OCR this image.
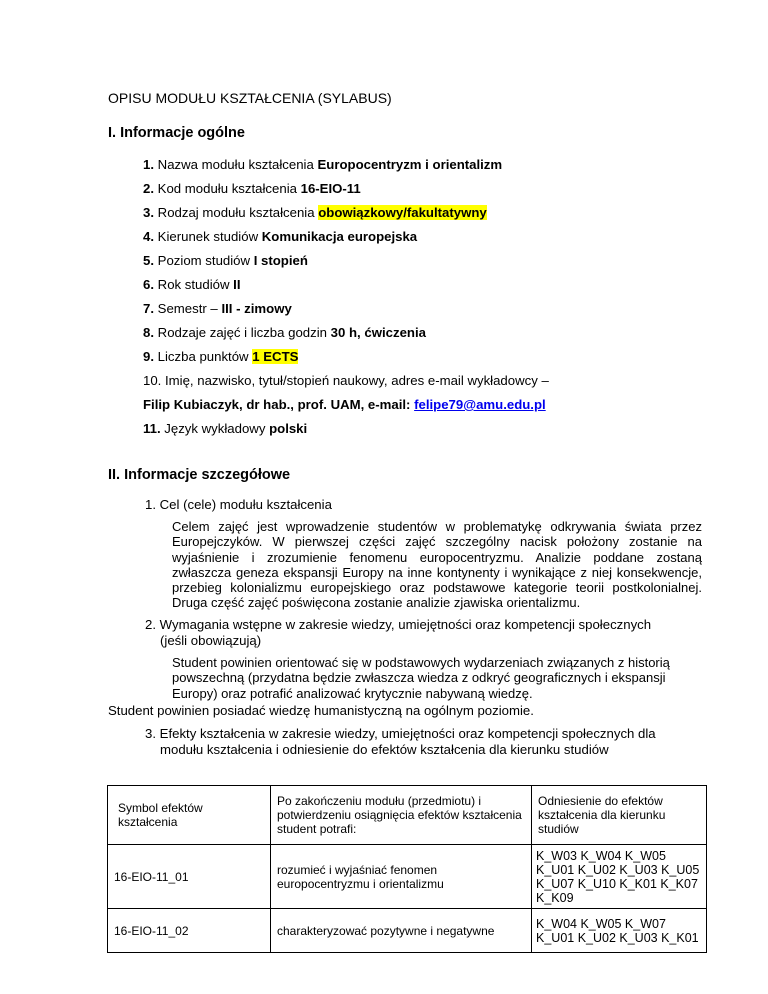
OPISU MODUŁU KSZTAŁCENIA (SYLABUS)
I. Informacje ogólne
1. Nazwa modułu kształcenia Europocentryzm i orientalizm
2. Kod modułu kształcenia 16-EIO-11
3. Rodzaj modułu kształcenia obowiązkowy/fakultatywny
4. Kierunek studiów Komunikacja europejska
5. Poziom studiów I stopień
6. Rok studiów II
7. Semestr – III - zimowy
8. Rodzaje zajęć i liczba godzin 30 h, ćwiczenia
9. Liczba punktów 1 ECTS
10. Imię, nazwisko, tytuł/stopień naukowy, adres e-mail wykładowcy –
Filip Kubiaczyk, dr hab., prof. UAM, e-mail: felipe79@amu.edu.pl
11. Język wykładowy polski
II. Informacje szczegółowe
1. Cel (cele) modułu kształcenia
Celem zajęć jest wprowadzenie studentów w problematykę odkrywania świata przez Europejczyków. W pierwszej części zajęć szczególny nacisk położony zostanie na wyjaśnienie i zrozumienie fenomenu europocentryzmu. Analizie poddane zostaną zwłaszcza geneza ekspansji Europy na inne kontynenty i wynikające z niej konsekwencje, przebieg kolonializmu europejskiego oraz podstawowe kategorie teorii postkolonialnej. Druga część zajęć poświęcona zostanie analizie zjawiska orientalizmu.
2. Wymagania wstępne w zakresie wiedzy, umiejętności oraz kompetencji społecznych
(jeśli obowiązują)
Student powinien orientować się w podstawowych wydarzeniach związanych z historią powszechną (przydatna będzie zwłaszcza wiedza z odkryć geograficznych i ekspansji Europy) oraz potrafić analizować krytycznie nabywaną wiedzę.
Student powinien posiadać wiedzę humanistyczną na ogólnym poziomie.
3. Efekty kształcenia w zakresie wiedzy, umiejętności oraz kompetencji społecznych dla
modułu kształcenia i odniesienie do efektów kształcenia dla kierunku studiów
Symbol efektów kształcenia	Po zakończeniu modułu (przedmiotu) i potwierdzeniu osiągnięcia efektów kształcenia student potrafi:	Odniesienie do efektów kształcenia dla kierunku studiów
16-EIO-11_01	rozumieć i wyjaśniać fenomen europocentryzmu i orientalizmu	K_W03 K_W04 K_W05 K_U01 K_U02 K_U03 K_U05 K_U07 K_U10 K_K01 K_K07 K_K09
16-EIO-11_02	charakteryzować pozytywne i negatywne	K_W04 K_W05 K_W07 K_U01 K_U02 K_U03 K_K01
